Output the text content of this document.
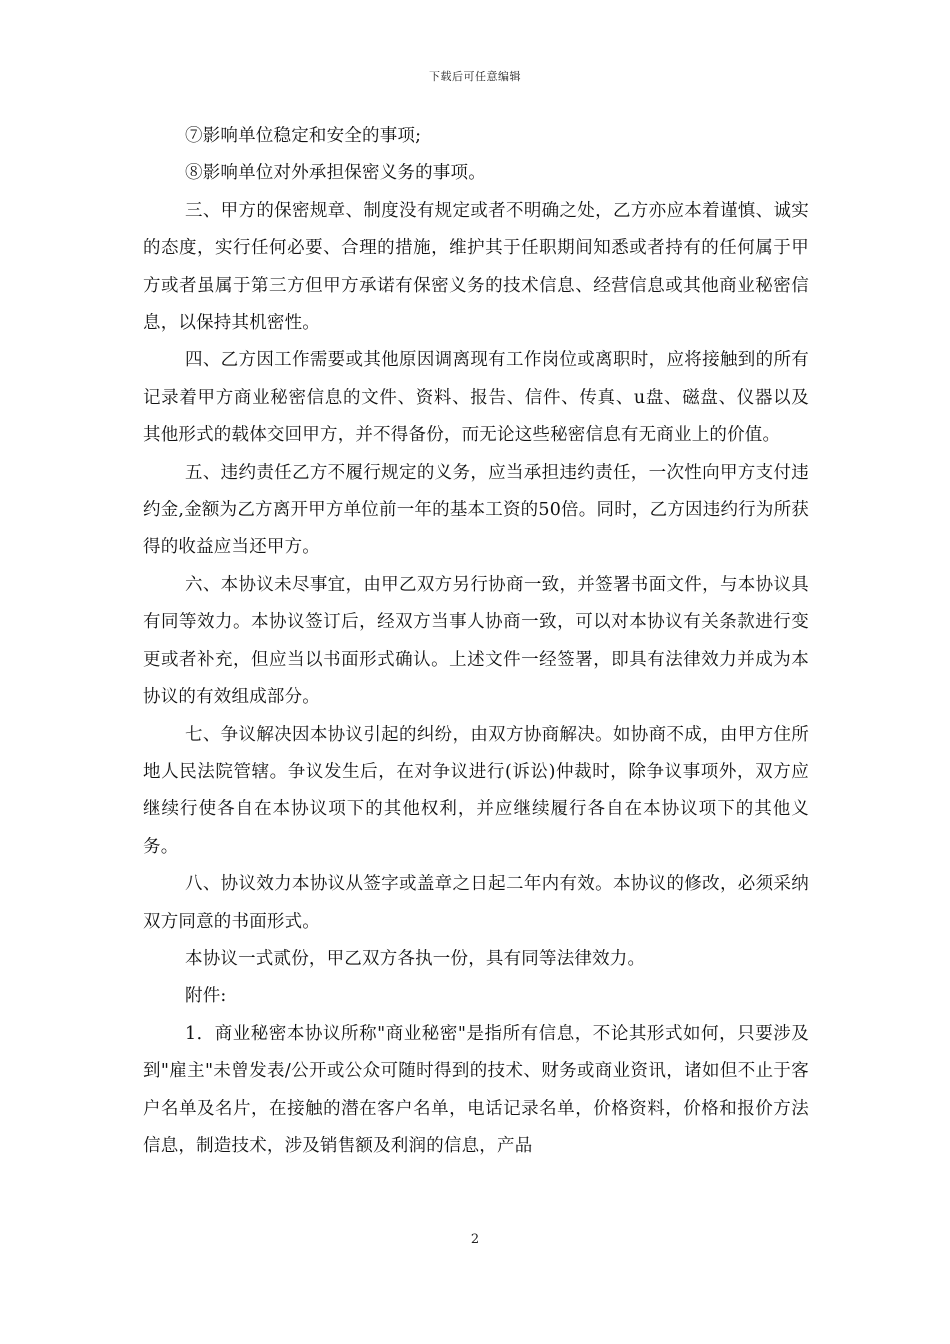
下载后可任意编辑

⑦影响单位稳定和安全的事项;

⑧影响单位对外承担保密义务的事项。

三、甲方的保密规章、制度没有规定或者不明确之处，乙方亦应本着谨慎、诚实的态度，实行任何必要、合理的措施，维护其于任职期间知悉或者持有的任何属于甲方或者虽属于第三方但甲方承诺有保密义务的技术信息、经营信息或其他商业秘密信息，以保持其机密性。

四、乙方因工作需要或其他原因调离现有工作岗位或离职时，应将接触到的所有记录着甲方商业秘密信息的文件、资料、报告、信件、传真、u盘、磁盘、仪器以及其他形式的载体交回甲方，并不得备份，而无论这些秘密信息有无商业上的价值。

五、违约责任乙方不履行规定的义务，应当承担违约责任，一次性向甲方支付违约金,金额为乙方离开甲方单位前一年的基本工资的50倍。同时，乙方因违约行为所获得的收益应当还甲方。

六、本协议未尽事宜，由甲乙双方另行协商一致，并签署书面文件，与本协议具有同等效力。本协议签订后，经双方当事人协商一致，可以对本协议有关条款进行变更或者补充，但应当以书面形式确认。上述文件一经签署，即具有法律效力并成为本协议的有效组成部分。

七、争议解决因本协议引起的纠纷，由双方协商解决。如协商不成，由甲方住所地人民法院管辖。争议发生后，在对争议进行(诉讼)仲裁时，除争议事项外，双方应继续行使各自在本协议项下的其他权利，并应继续履行各自在本协议项下的其他义务。

八、协议效力本协议从签字或盖章之日起二年内有效。本协议的修改，必须采纳双方同意的书面形式。

本协议一式贰份，甲乙双方各执一份，具有同等法律效力。

附件:

1．商业秘密本协议所称"商业秘密"是指所有信息，不论其形式如何，只要涉及到"雇主"未曾发表/公开或公众可随时得到的技术、财务或商业资讯，诸如但不止于客户名单及名片，在接触的潜在客户名单，电话记录名单，价格资料，价格和报价方法信息，制造技术，涉及销售额及利润的信息，产品

2
